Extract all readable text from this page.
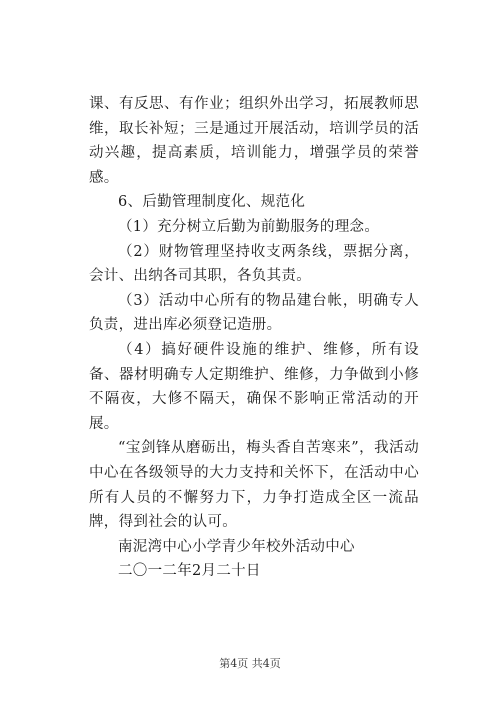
课、有反思、有作业；组织外出学习，拓展教师思维，取长补短；三是通过开展活动，培训学员的活动兴趣，提高素质，培训能力，增强学员的荣誉感。

6、后勤管理制度化、规范化

（1）充分树立后勤为前勤服务的理念。

（2）财物管理坚持收支两条线，票据分离，会计、出纳各司其职，各负其责。

（3）活动中心所有的物品建台帐，明确专人负责，进出库必须登记造册。

（4）搞好硬件设施的维护、维修，所有设备、器材明确专人定期维护、维修，力争做到小修不隔夜，大修不隔天，确保不影响正常活动的开展。

“宝剑锋从磨砺出，梅头香自苦寒来”，我活动中心在各级领导的大力支持和关怀下，在活动中心所有人员的不懈努力下，力争打造成全区一流品牌，得到社会的认可。

南泥湾中心小学青少年校外活动中心

二〇一二年2月二十日

第4页 共4页
